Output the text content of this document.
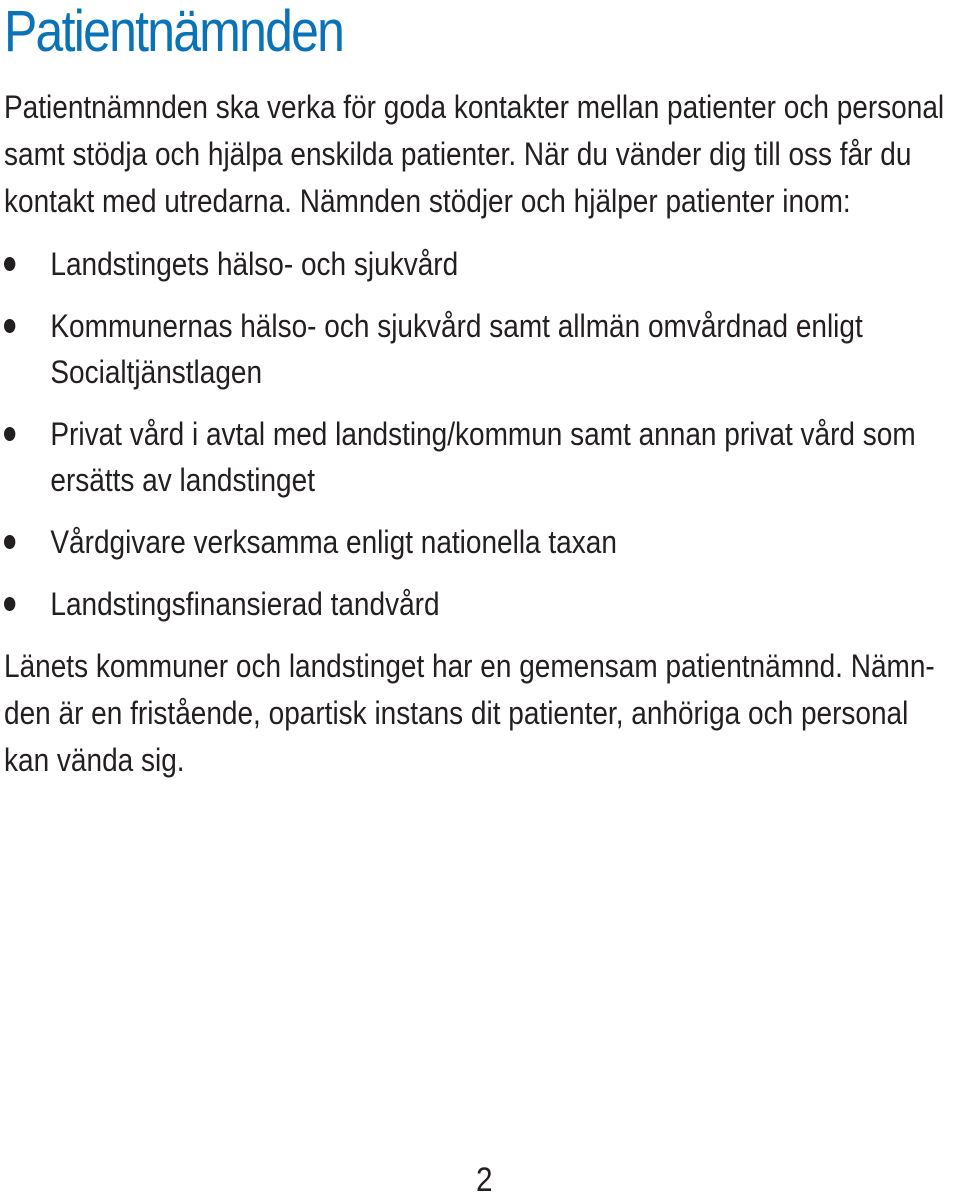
Patientnämnden

Patientnämnden ska verka för goda kontakter mellan patienter och personal samt stödja och hjälpa enskilda patienter. När du vänder dig till oss får du kontakt med utredarna. Nämnden stödjer och hjälper patienter inom:

Landstingets hälso- och sjukvård
Kommunernas hälso- och sjukvård samt allmän omvårdnad enligt Socialtjänstlagen
Privat vård i avtal med landsting/kommun samt annan privat vård som ersätts av landstinget
Vårdgivare verksamma enligt nationella taxan
Landstingsfinansierad tandvård

Länets kommuner och landstinget har en gemensam patientnämnd. Nämnden är en fristående, opartisk instans dit patienter, anhöriga och personal kan vända sig.

2
